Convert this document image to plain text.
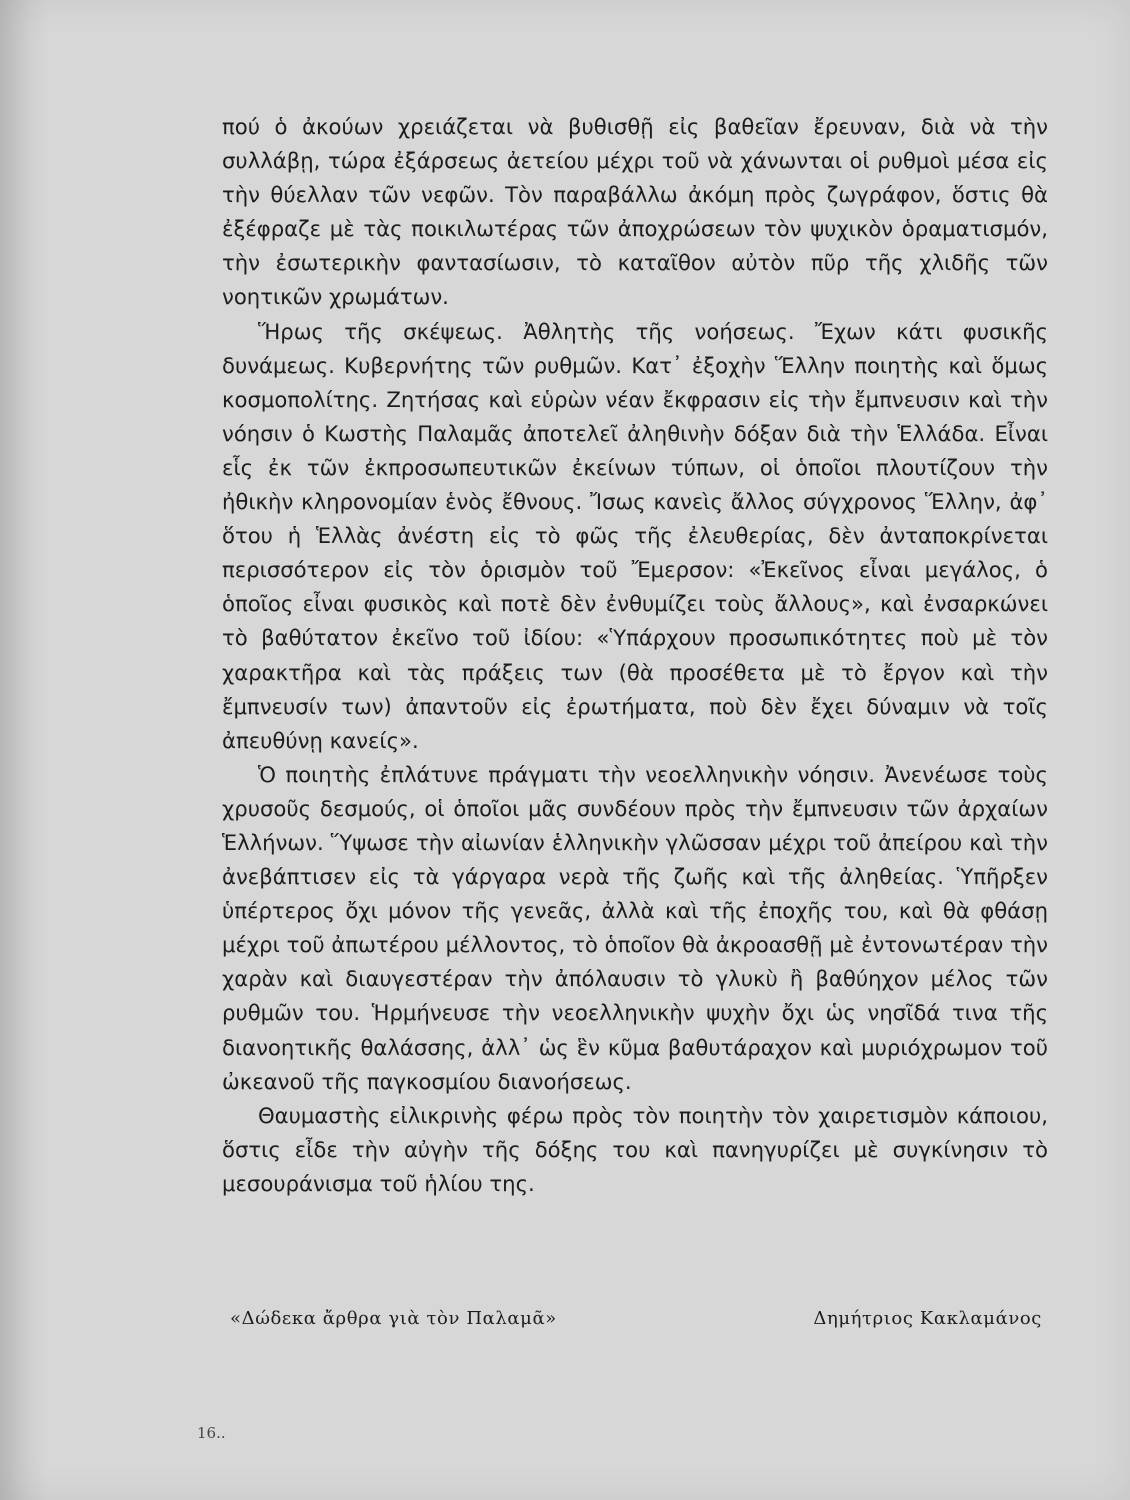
πού ὁ ἀκούων χρειάζεται νὰ βυθισθῇ εἰς βαθεῖαν ἔρευναν, διὰ νὰ τὴν συλλάβῃ, τώρα ἐξάρσεως ἀετείου μέχρι τοῦ νὰ χάνωνται οἱ ρυθμοὶ μέσα εἰς τὴν θύελλαν τῶν νεφῶν. Τὸν παραβάλλω ἀκόμη πρὸς ζωγράφον, ὅστις θὰ ἐξέφραζε μὲ τὰς ποικιλωτέρας τῶν ἀποχρώσεων τὸν ψυχικὸν ὁραματισμόν, τὴν ἐσωτερικὴν φαντασίωσιν, τὸ καταῖθον αὐτὸν πῦρ τῆς χλιδῆς τῶν νοητικῶν χρωμάτων.

Ἥρως τῆς σκέψεως. Ἀθλητὴς τῆς νοήσεως. Ἔχων κάτι φυσικῆς δυνάμεως. Κυβερνήτης τῶν ρυθμῶν. Κατ᾽ ἐξοχὴν Ἕλλην ποιητὴς καὶ ὅμως κοσμοπολίτης. Ζητήσας καὶ εὑρὼν νέαν ἔκφρασιν εἰς τὴν ἔμπνευσιν καὶ τὴν νόησιν ὁ Κωστὴς Παλαμᾶς ἀποτελεῖ ἀληθινὴν δόξαν διὰ τὴν Ἑλλάδα. Εἶναι εἷς ἐκ τῶν ἐκπροσωπευτικῶν ἐκείνων τύπων, οἱ ὁποῖοι πλουτίζουν τὴν ἠθικὴν κληρονομίαν ἑνὸς ἔθνους. Ἴσως κανεὶς ἄλλος σύγχρονος Ἕλλην, ἀφ᾽ ὅτου ἡ Ἑλλὰς ἀνέστη εἰς τὸ φῶς τῆς ἐλευθερίας, δὲν ἀνταποκρίνεται περισσότερον εἰς τὸν ὁρισμὸν τοῦ Ἔμερσον: «Ἐκεῖνος εἶναι μεγάλος, ὁ ὁποῖος εἶναι φυσικὸς καὶ ποτὲ δὲν ἐνθυμίζει τοὺς ἄλλους», καὶ ἐνσαρκώνει τὸ βαθύτατον ἐκεῖνο τοῦ ἰδίου: «Ὑπάρχουν προσωπικότητες ποὺ μὲ τὸν χαρακτῆρα καὶ τὰς πράξεις των (θὰ προσέθετα μὲ τὸ ἔργον καὶ τὴν ἔμπνευσίν των) ἀπαντοῦν εἰς ἐρωτήματα, ποὺ δὲν ἔχει δύναμιν νὰ τοῖς ἀπευθύνῃ κανείς».

Ὁ ποιητὴς ἐπλάτυνε πράγματι τὴν νεοελληνικὴν νόησιν. Ἀνενέωσε τοὺς χρυσοῦς δεσμούς, οἱ ὁποῖοι μᾶς συνδέουν πρὸς τὴν ἔμπνευσιν τῶν ἀρχαίων Ἑλλήνων. Ὕψωσε τὴν αἰωνίαν ἑλληνικὴν γλῶσσαν μέχρι τοῦ ἀπείρου καὶ τὴν ἀνεβάπτισεν εἰς τὰ γάργαρα νερὰ τῆς ζωῆς καὶ τῆς ἀληθείας. Ὑπῆρξεν ὑπέρτερος ὄχι μόνον τῆς γενεᾶς, ἀλλὰ καὶ τῆς ἐποχῆς του, καὶ θὰ φθάσῃ μέχρι τοῦ ἀπωτέρου μέλλοντος, τὸ ὁποῖον θὰ ἀκροασθῇ μὲ ἐντονωτέραν τὴν χαρὰν καὶ διαυγεστέραν τὴν ἀπόλαυσιν τὸ γλυκὺ ἢ βαθύηχον μέλος τῶν ρυθμῶν του. Ἡρμήνευσε τὴν νεοελληνικὴν ψυχὴν ὄχι ὡς νησῖδά τινα τῆς διανοητικῆς θαλάσσης, ἀλλ᾽ ὡς ἓν κῦμα βαθυτάραχον καὶ μυριόχρωμον τοῦ ὠκεανοῦ τῆς παγκοσμίου διανοήσεως.

Θαυμαστὴς εἰλικρινὴς φέρω πρὸς τὸν ποιητὴν τὸν χαιρετισμὸν κάποιου, ὅστις εἶδε τὴν αὐγὴν τῆς δόξης του καὶ πανηγυρίζει μὲ συγκίνησιν τὸ μεσουράνισμα τοῦ ἡλίου της.

«Δώδεκα ἄρθρα γιὰ τὸν Παλαμᾶ»	Δημήτριος Κακλαμάνος
16..
